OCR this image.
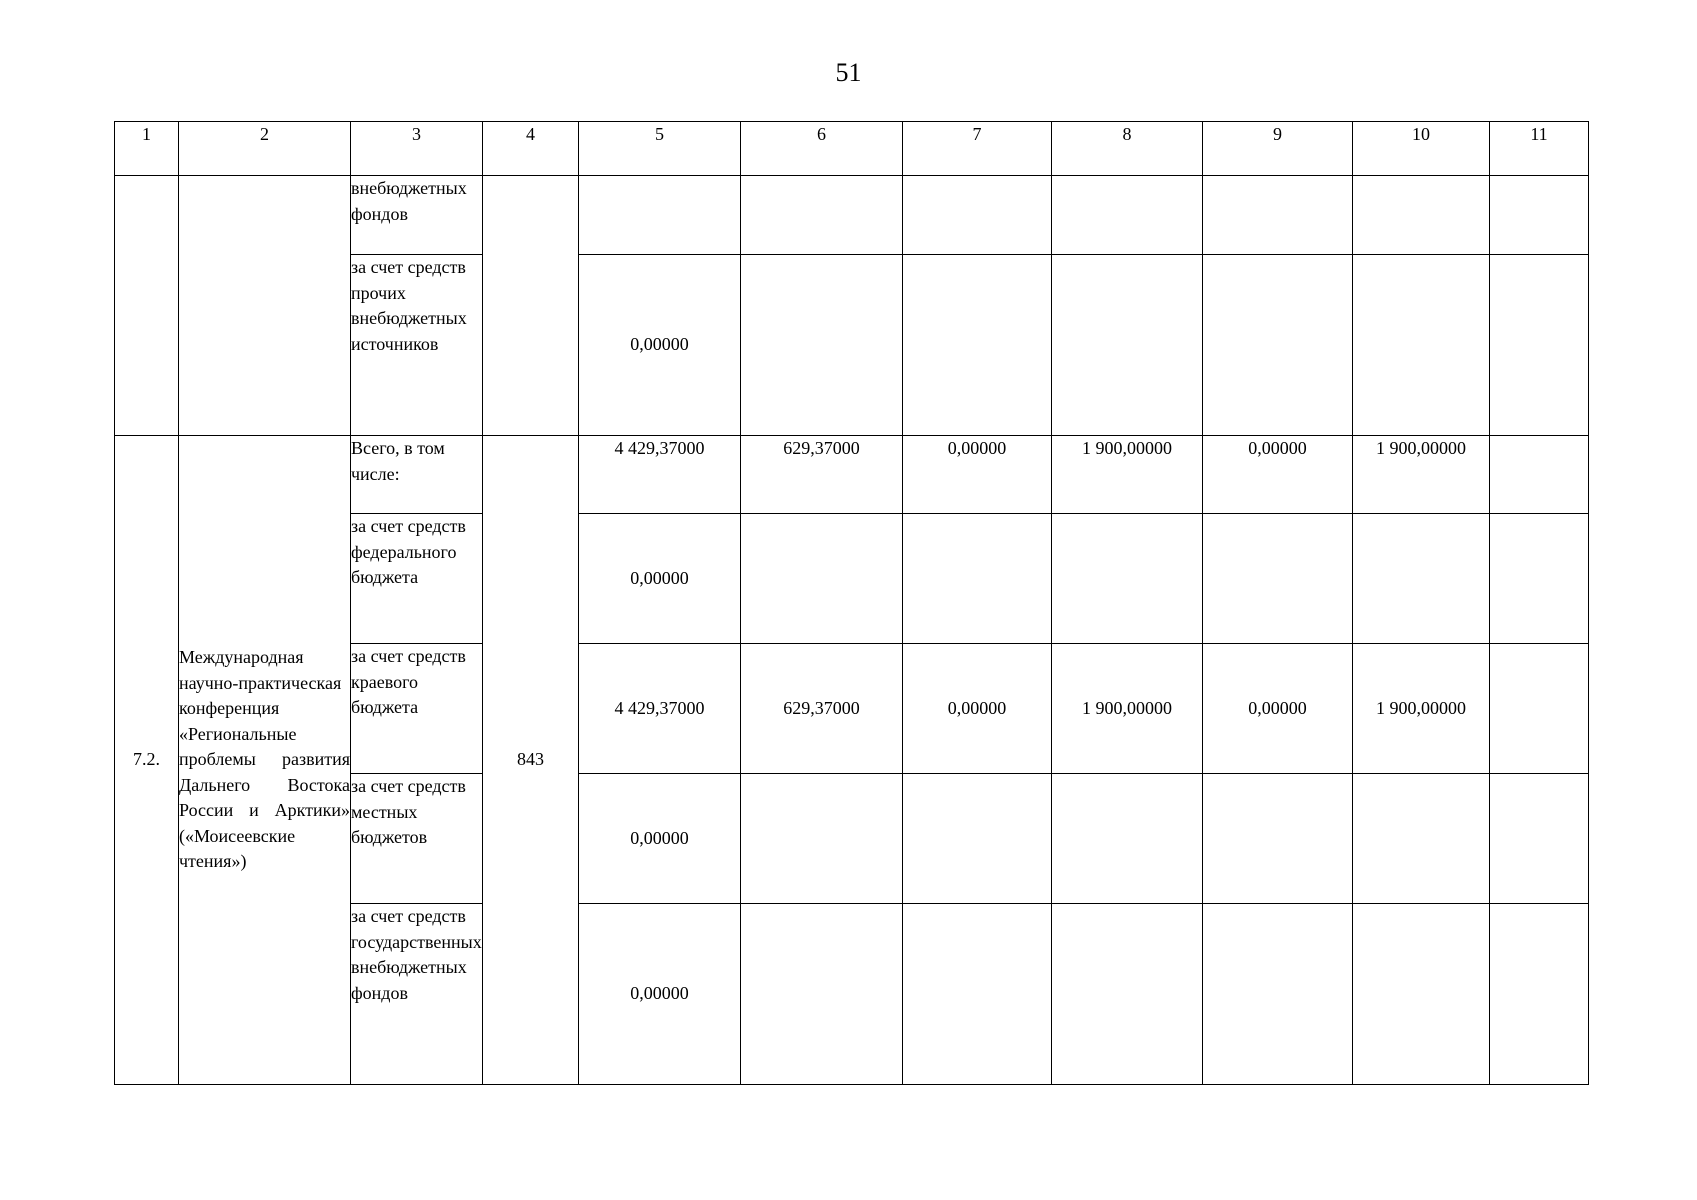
51
1	2	3	4	5	6	7	8	9	10	11
		внебюджетных фондов								
		за счет средств прочих внебюджетных источников		0,00000						
7.2.	Международная научно-практическая конференция «Региональные проблемы развития Дальнего Востока России и Арктики» («Моисеевские чтения»)	Всего, в том числе:	843	4 429,37000	629,37000	0,00000	1 900,00000	0,00000	1 900,00000	
		за счет средств федерального бюджета		0,00000						
		за счет средств краевого бюджета		4 429,37000	629,37000	0,00000	1 900,00000	0,00000	1 900,00000	
		за счет средств местных бюджетов		0,00000						
		за счет средств государственных внебюджетных фондов		0,00000						
